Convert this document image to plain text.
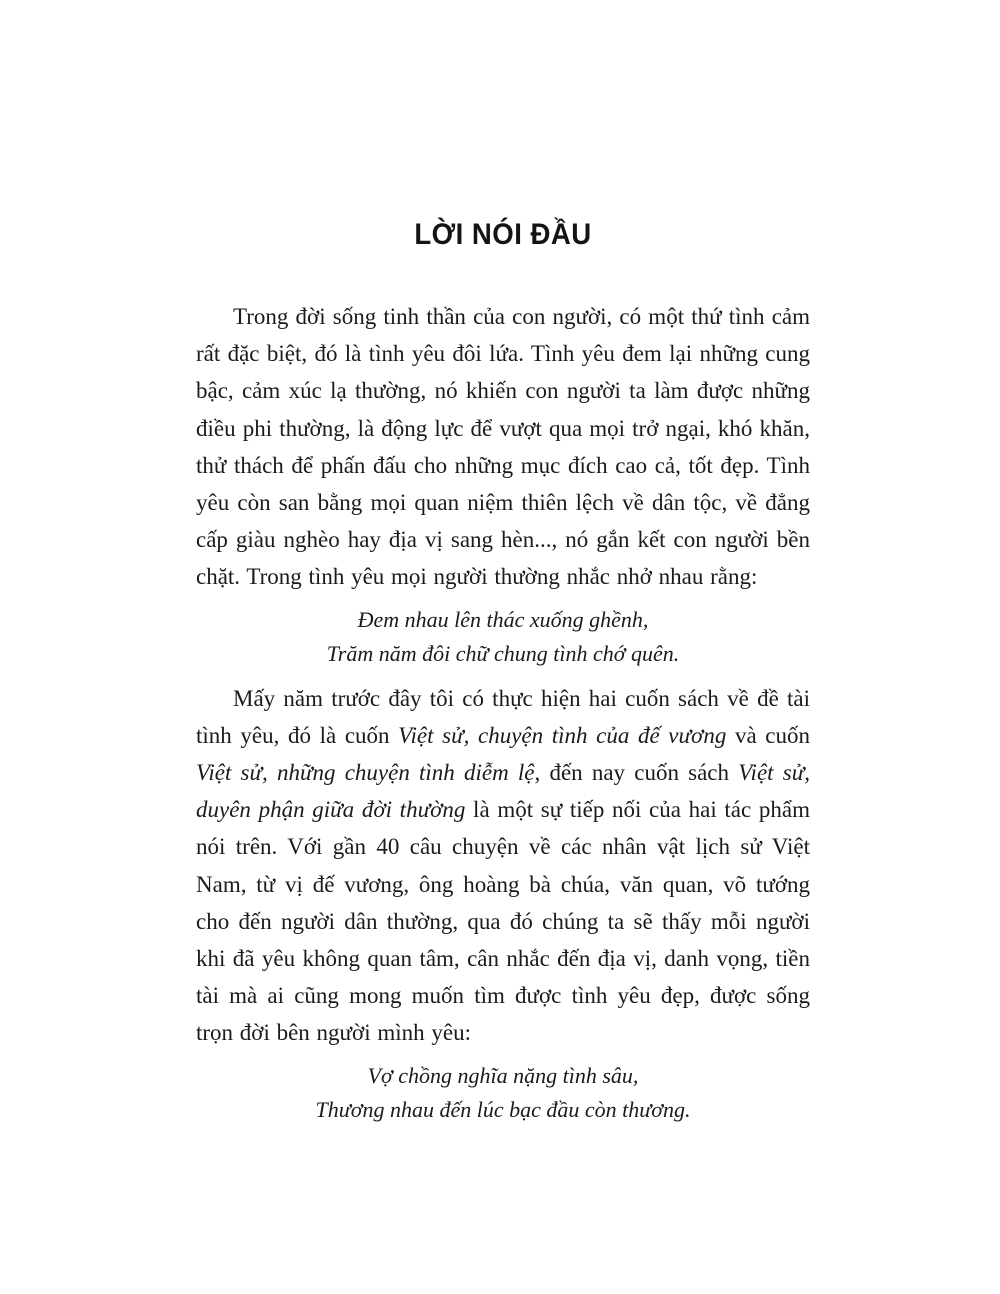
LỜI NÓI ĐẦU

Trong đời sống tinh thần của con người, có một thứ tình cảm rất đặc biệt, đó là tình yêu đôi lứa. Tình yêu đem lại những cung bậc, cảm xúc lạ thường, nó khiến con người ta làm được những điều phi thường, là động lực để vượt qua mọi trở ngại, khó khăn, thử thách để phấn đấu cho những mục đích cao cả, tốt đẹp. Tình yêu còn san bằng mọi quan niệm thiên lệch về dân tộc, về đẳng cấp giàu nghèo hay địa vị sang hèn..., nó gắn kết con người bền chặt. Trong tình yêu mọi người thường nhắc nhở nhau rằng:

Đem nhau lên thác xuống ghềnh,
Trăm năm đôi chữ chung tình chớ quên.

Mấy năm trước đây tôi có thực hiện hai cuốn sách về đề tài tình yêu, đó là cuốn Việt sử, chuyện tình của đế vương và cuốn Việt sử, những chuyện tình diễm lệ, đến nay cuốn sách Việt sử, duyên phận giữa đời thường là một sự tiếp nối của hai tác phẩm nói trên. Với gần 40 câu chuyện về các nhân vật lịch sử Việt Nam, từ vị đế vương, ông hoàng bà chúa, văn quan, võ tướng cho đến người dân thường, qua đó chúng ta sẽ thấy mỗi người khi đã yêu không quan tâm, cân nhắc đến địa vị, danh vọng, tiền tài mà ai cũng mong muốn tìm được tình yêu đẹp, được sống trọn đời bên người mình yêu:

Vợ chồng nghĩa nặng tình sâu,
Thương nhau đến lúc bạc đầu còn thương.
